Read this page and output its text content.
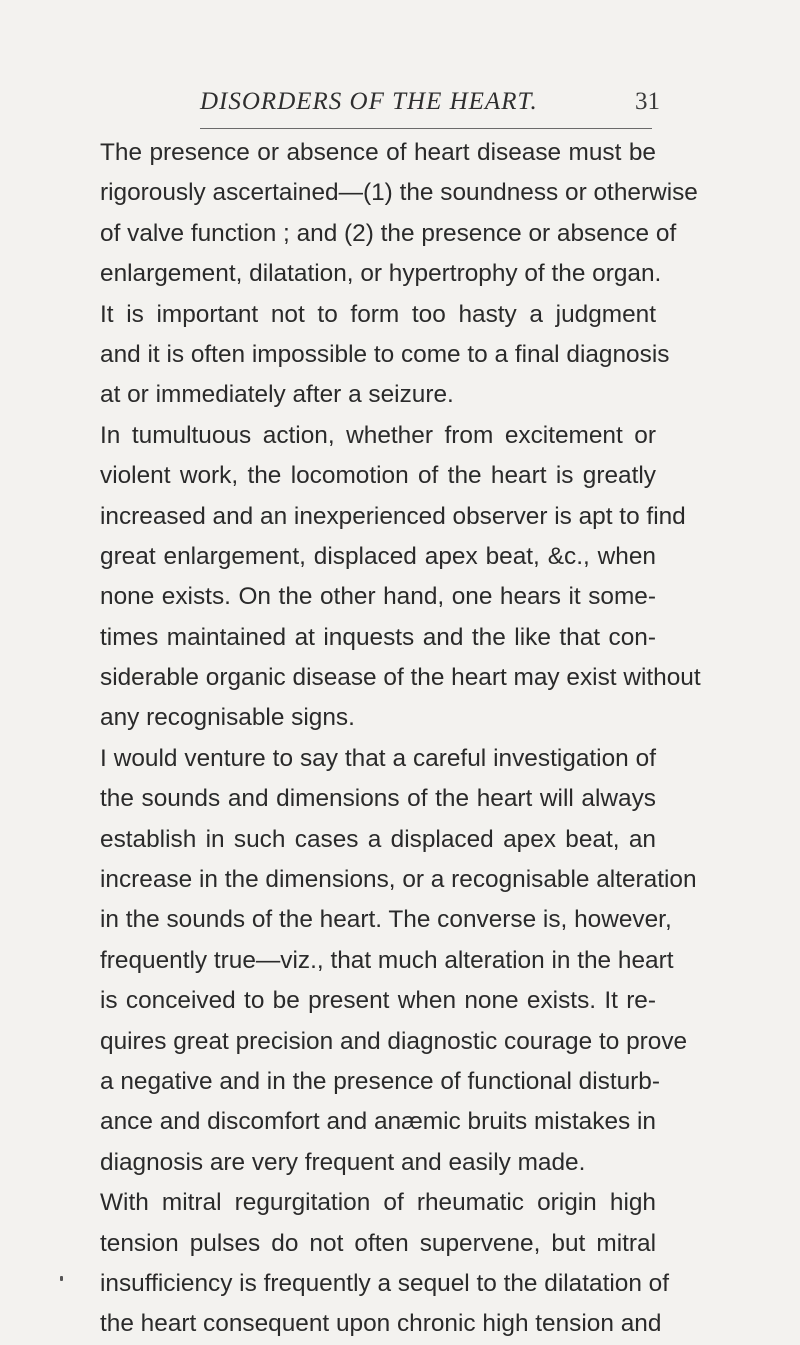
DISORDERS OF THE HEART.	31
The presence or absence of heart disease must be
rigorously ascertained—(1) the soundness or otherwise
of valve function ; and (2) the presence or absence of
enlargement, dilatation, or hypertrophy of the organ.
It is important not to form too hasty a judgment
and it is often impossible to come to a final diagnosis
at or immediately after a seizure.
In tumultuous action, whether from excitement or
violent work, the locomotion of the heart is greatly
increased and an inexperienced observer is apt to find
great enlargement, displaced apex beat, &c., when
none exists. On the other hand, one hears it some-
times maintained at inquests and the like that con-
siderable organic disease of the heart may exist without
any recognisable signs.
I would venture to say that a careful investigation of
the sounds and dimensions of the heart will always
establish in such cases a displaced apex beat, an
increase in the dimensions, or a recognisable alteration
in the sounds of the heart. The converse is, however,
frequently true—viz., that much alteration in the heart
is conceived to be present when none exists. It re-
quires great precision and diagnostic courage to prove
a negative and in the presence of functional disturb-
ance and discomfort and anæmic bruits mistakes in
diagnosis are very frequent and easily made.
With mitral regurgitation of rheumatic origin high
tension pulses do not often supervene, but mitral
insufficiency is frequently a sequel to the dilatation of
the heart consequent upon chronic high tension and
